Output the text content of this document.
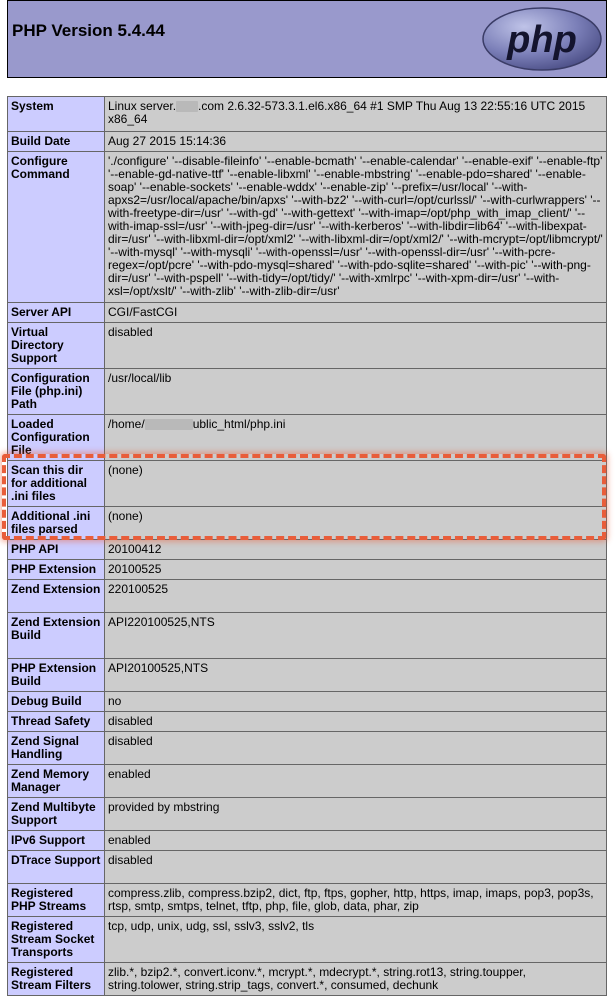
PHP Version 5.4.44	php
System	Linux server. .com 2.6.32-573.3.1.el6.x86_64 #1 SMP Thu Aug 13 22:55:16 UTC 2015 x86_64
Build Date	Aug 27 2015 15:14:36
Configure Command	'./configure' '--disable-fileinfo' '--enable-bcmath' '--enable-calendar' '--enable-exif' '--enable-ftp' '--enable-gd-native-ttf' '--enable-libxml' '--enable-mbstring' '--enable-pdo=shared' '--enable-soap' '--enable-sockets' '--enable-wddx' '--enable-zip' '--prefix=/usr/local' '--with-apxs2=/usr/local/apache/bin/apxs' '--with-bz2' '--with-curl=/opt/curlssl/' '--with-curlwrappers' '--with-freetype-dir=/usr' '--with-gd' '--with-gettext' '--with-imap=/opt/php_with_imap_client/' '--with-imap-ssl=/usr' '--with-jpeg-dir=/usr' '--with-kerberos' '--with-libdir=lib64' '--with-libexpat-dir=/usr' '--with-libxml-dir=/opt/xml2' '--with-libxml-dir=/opt/xml2/' '--with-mcrypt=/opt/libmcrypt/' '--with-mysql' '--with-mysqli' '--with-openssl=/usr' '--with-openssl-dir=/usr' '--with-pcre-regex=/opt/pcre' '--with-pdo-mysql=shared' '--with-pdo-sqlite=shared' '--with-pic' '--with-png-dir=/usr' '--with-pspell' '--with-tidy=/opt/tidy/' '--with-xmlrpc' '--with-xpm-dir=/usr' '--with-xsl=/opt/xslt/' '--with-zlib' '--with-zlib-dir=/usr'
Server API	CGI/FastCGI
Virtual Directory Support	disabled
Configuration File (php.ini) Path	/usr/local/lib
Loaded Configuration File	/home/ ublic_html/php.ini
Scan this dir for additional .ini files	(none)
Additional .ini files parsed	(none)
PHP API	20100412
PHP Extension	20100525
Zend Extension	220100525
Zend Extension Build	API220100525,NTS
PHP Extension Build	API20100525,NTS
Debug Build	no
Thread Safety	disabled
Zend Signal Handling	disabled
Zend Memory Manager	enabled
Zend Multibyte Support	provided by mbstring
IPv6 Support	enabled
DTrace Support	disabled
Registered PHP Streams	compress.zlib, compress.bzip2, dict, ftp, ftps, gopher, http, https, imap, imaps, pop3, pop3s, rtsp, smtp, smtps, telnet, tftp, php, file, glob, data, phar, zip
Registered Stream Socket Transports	tcp, udp, unix, udg, ssl, sslv3, sslv2, tls
Registered Stream Filters	zlib.*, bzip2.*, convert.iconv.*, mcrypt.*, mdecrypt.*, string.rot13, string.toupper, string.tolower, string.strip_tags, convert.*, consumed, dechunk
